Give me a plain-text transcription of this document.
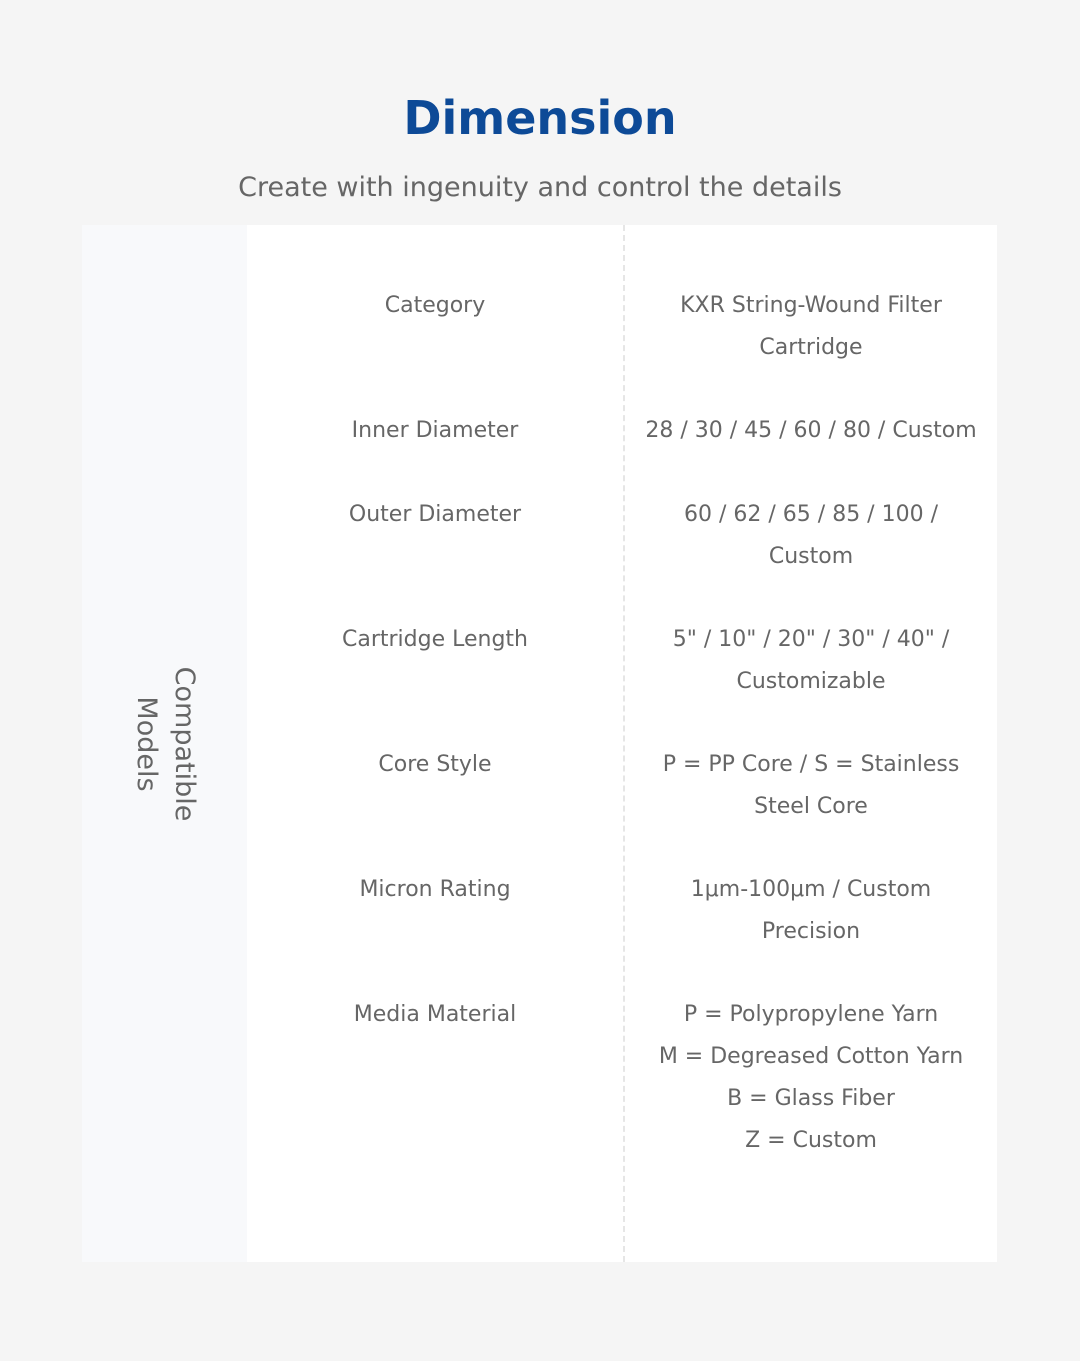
Dimension
Create with ingenuity and control the details
Compatible Models
Category	KXR String-Wound Filter
Cartridge
Inner Diameter	28 / 30 / 45 / 60 / 80 / Custom
Outer Diameter	60 / 62 / 65 / 85 / 100 /
Custom
Cartridge Length	5" / 10" / 20" / 30" / 40" /
Customizable
Core Style	P = PP Core / S = Stainless
Steel Core
Micron Rating	1μm-100μm / Custom
Precision
Media Material	P = Polypropylene Yarn
M = Degreased Cotton Yarn
B = Glass Fiber
Z = Custom
